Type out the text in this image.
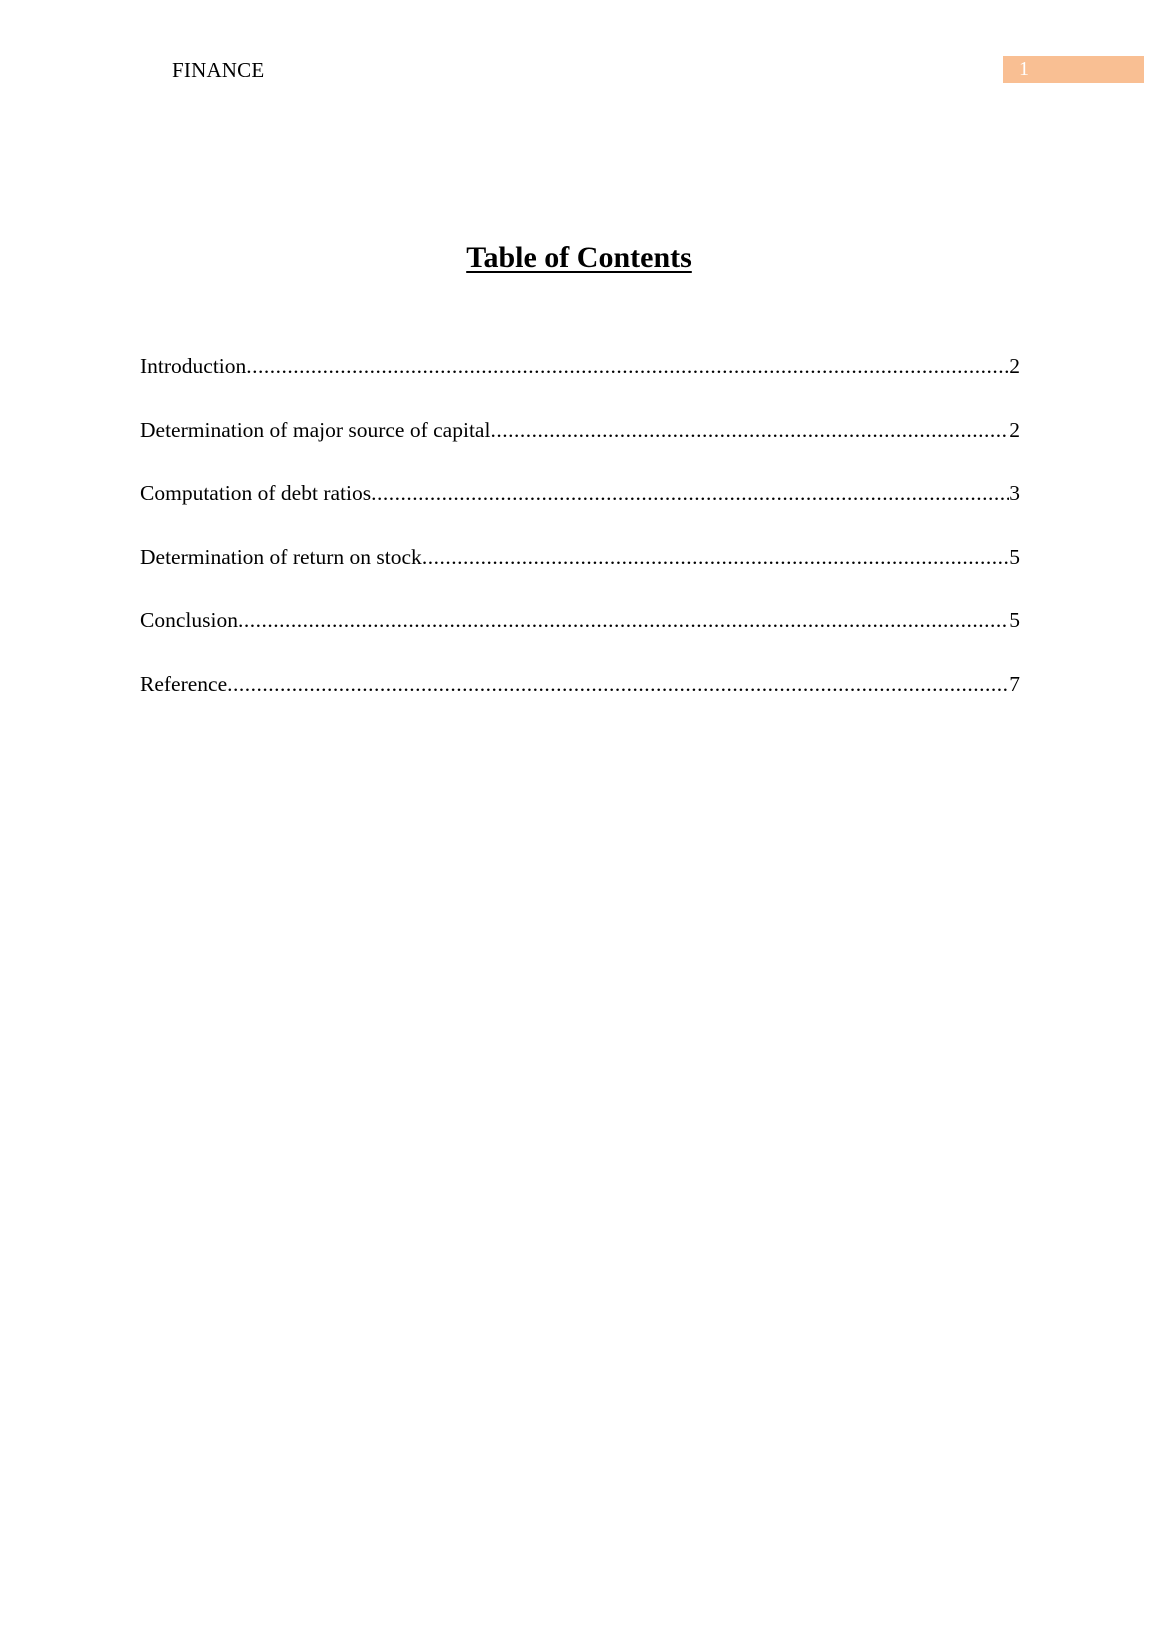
FINANCE	1
Table of Contents
Introduction .....	2
Determination of major source of capital .....	2
Computation of debt ratios .....	3
Determination of return on stock .....	5
Conclusion .....	5
Reference .....	7
